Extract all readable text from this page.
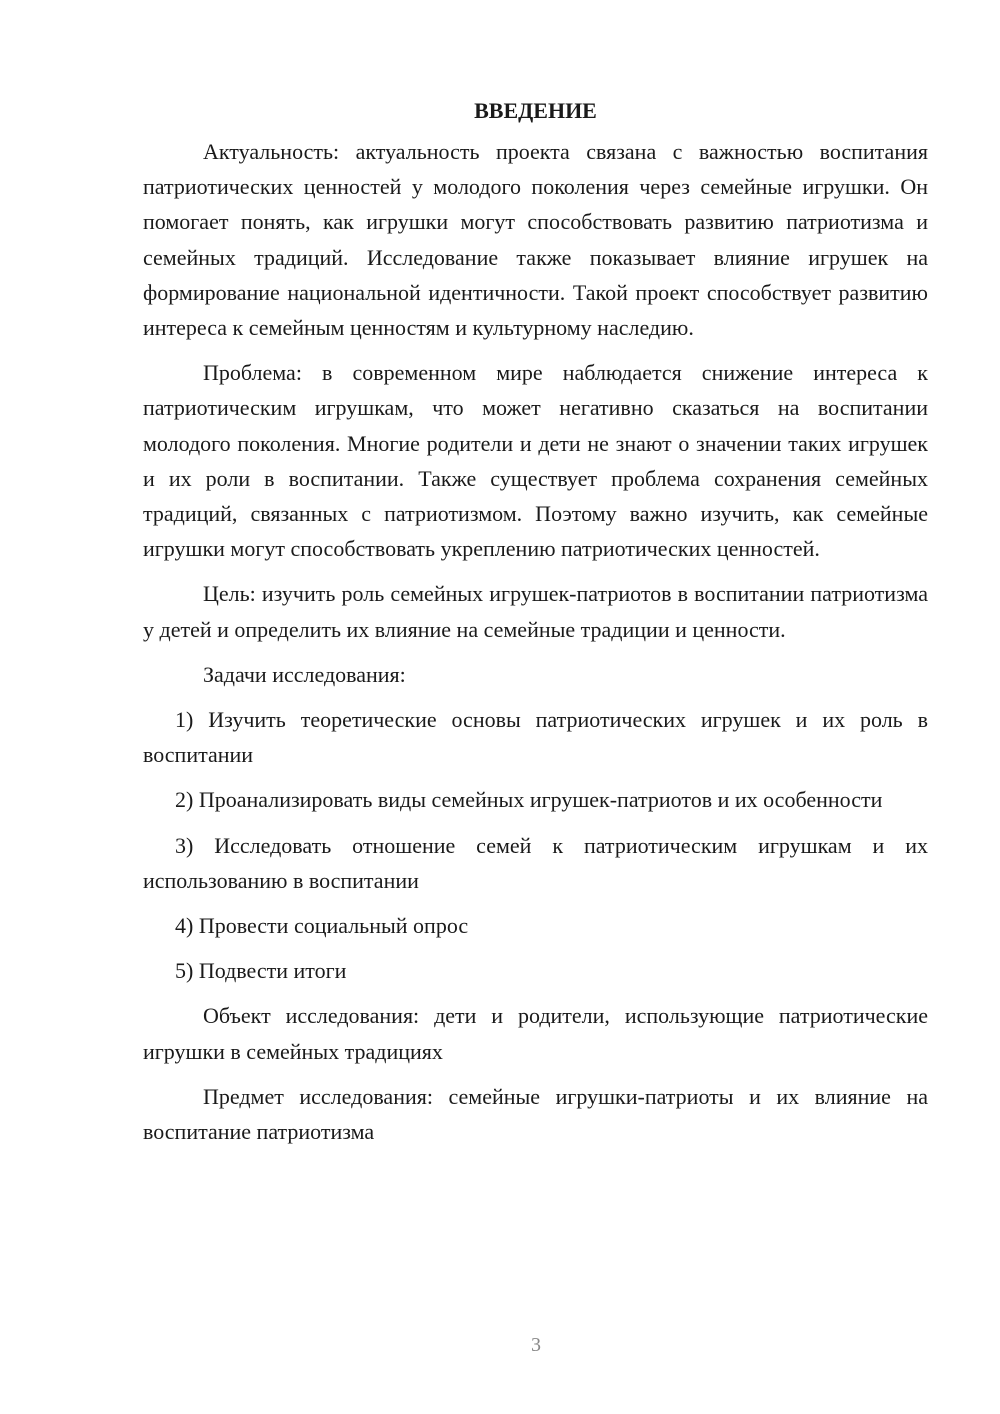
ВВЕДЕНИЕ

Актуальность: актуальность проекта связана с важностью воспитания патриотических ценностей у молодого поколения через семейные игрушки. Он помогает понять, как игрушки могут способствовать развитию патриотизма и семейных традиций. Исследование также показывает влияние игрушек на формирование национальной идентичности. Такой проект способствует развитию интереса к семейным ценностям и культурному наследию.

Проблема: в современном мире наблюдается снижение интереса к патриотическим игрушкам, что может негативно сказаться на воспитании молодого поколения. Многие родители и дети не знают о значении таких игрушек и их роли в воспитании. Также существует проблема сохранения семейных традиций, связанных с патриотизмом. Поэтому важно изучить, как семейные игрушки могут способствовать укреплению патриотических ценностей.

Цель: изучить роль семейных игрушек-патриотов в воспитании патриотизма у детей и определить их влияние на семейные традиции и ценности.

Задачи исследования:

1) Изучить теоретические основы патриотических игрушек и их роль в воспитании

2) Проанализировать виды семейных игрушек-патриотов и их особенности

3) Исследовать отношение семей к патриотическим игрушкам и их использованию в воспитании

4) Провести социальный опрос

5) Подвести итоги

Объект исследования: дети и родители, использующие патриотические игрушки в семейных традициях

Предмет исследования: семейные игрушки-патриоты и их влияние на воспитание патриотизма

3
